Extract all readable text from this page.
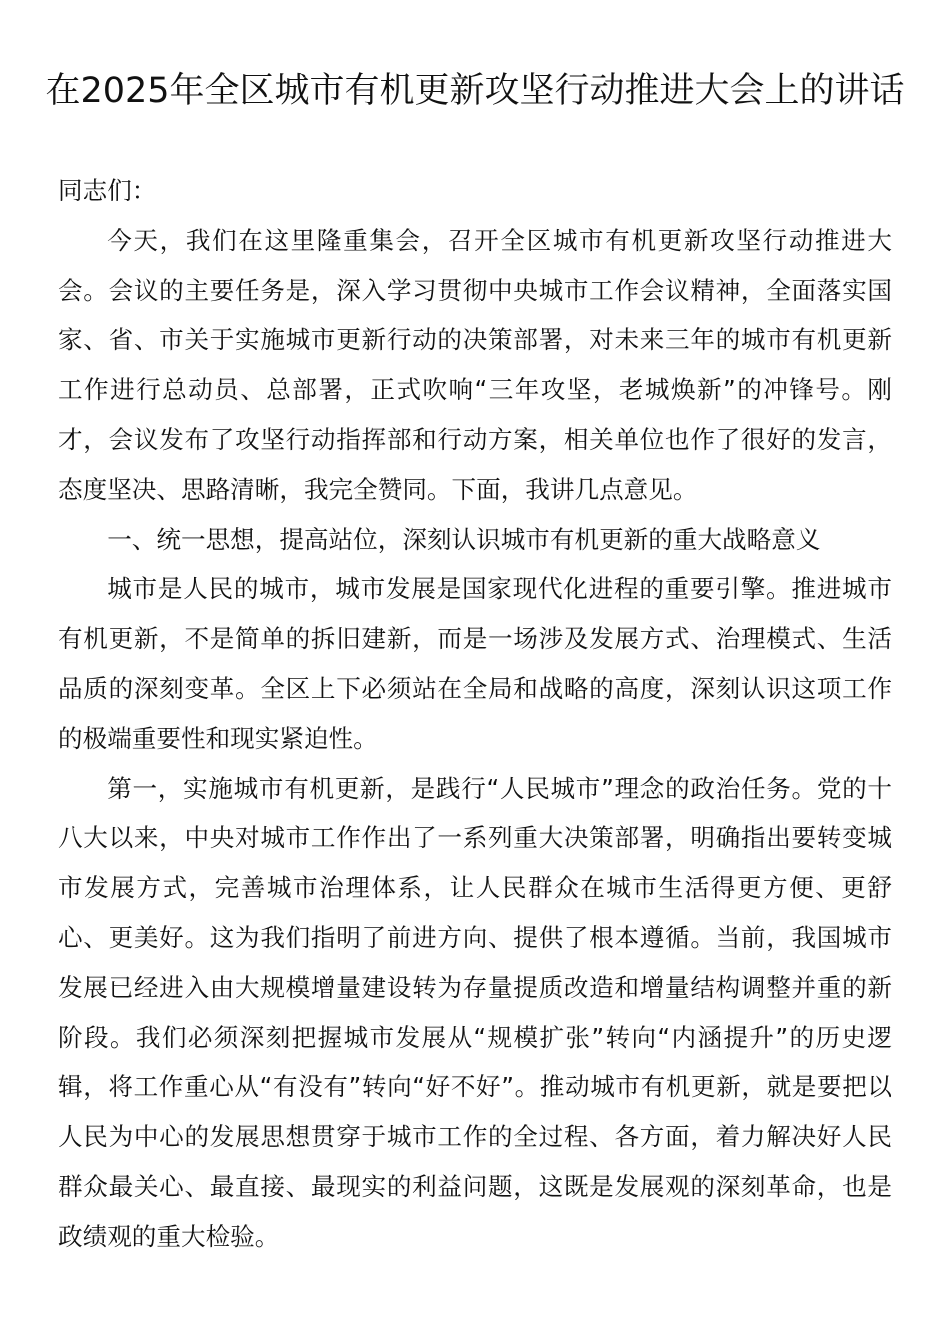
在2025年全区城市有机更新攻坚行动推进大会上的讲话

同志们：

今天，我们在这里隆重集会，召开全区城市有机更新攻坚行动推进大会。会议的主要任务是，深入学习贯彻中央城市工作会议精神，全面落实国家、省、市关于实施城市更新行动的决策部署，对未来三年的城市有机更新工作进行总动员、总部署，正式吹响“三年攻坚，老城焕新”的冲锋号。刚才，会议发布了攻坚行动指挥部和行动方案，相关单位也作了很好的发言，态度坚决、思路清晰，我完全赞同。下面，我讲几点意见。

一、统一思想，提高站位，深刻认识城市有机更新的重大战略意义

城市是人民的城市，城市发展是国家现代化进程的重要引擎。推进城市有机更新，不是简单的拆旧建新，而是一场涉及发展方式、治理模式、生活品质的深刻变革。全区上下必须站在全局和战略的高度，深刻认识这项工作的极端重要性和现实紧迫性。

第一，实施城市有机更新，是践行“人民城市”理念的政治任务。党的十八大以来，中央对城市工作作出了一系列重大决策部署，明确指出要转变城市发展方式，完善城市治理体系，让人民群众在城市生活得更方便、更舒心、更美好。这为我们指明了前进方向、提供了根本遵循。当前，我国城市发展已经进入由大规模增量建设转为存量提质改造和增量结构调整并重的新阶段。我们必须深刻把握城市发展从“规模扩张”转向“内涵提升”的历史逻辑，将工作重心从“有没有”转向“好不好”。推动城市有机更新，就是要把以人民为中心的发展思想贯穿于城市工作的全过程、各方面，着力解决好人民群众最关心、最直接、最现实的利益问题，这既是发展观的深刻革命，也是政绩观的重大检验。
